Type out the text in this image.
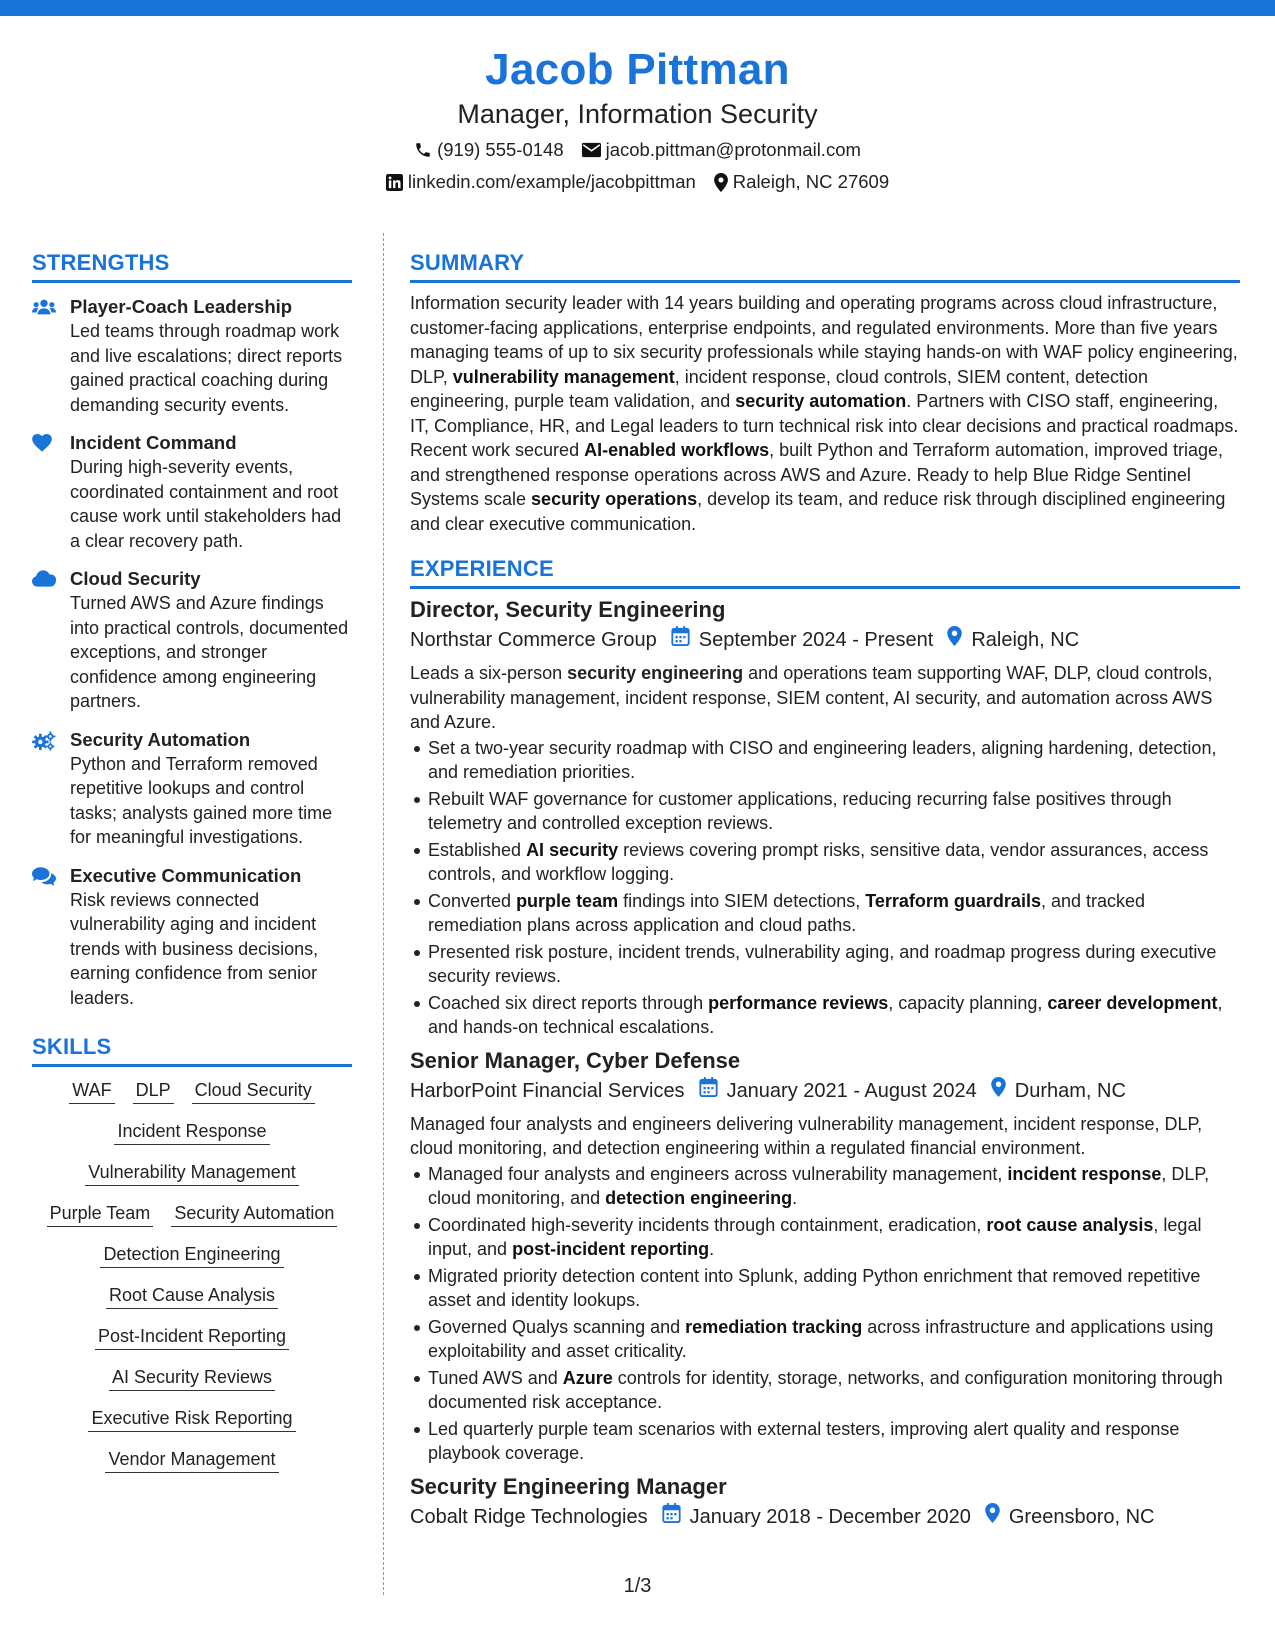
Jacob Pittman
Manager, Information Security
(919) 555-0148 jacob.pittman@protonmail.com
linkedin.com/example/jacobpittman Raleigh, NC 27609
STRENGTHS
Player-Coach Leadership
Led teams through roadmap work and live escalations; direct reports gained practical coaching during demanding security events.
Incident Command
During high-severity events, coordinated containment and root cause work until stakeholders had a clear recovery path.
Cloud Security
Turned AWS and Azure findings into practical controls, documented exceptions, and stronger confidence among engineering partners.
Security Automation
Python and Terraform removed repetitive lookups and control tasks; analysts gained more time for meaningful investigations.
Executive Communication
Risk reviews connected vulnerability aging and incident trends with business decisions, earning confidence from senior leaders.
SKILLS
WAF DLP Cloud Security
Incident Response
Vulnerability Management
Purple Team Security Automation
Detection Engineering
Root Cause Analysis
Post-Incident Reporting
AI Security Reviews
Executive Risk Reporting
Vendor Management
SUMMARY
Information security leader with 14 years building and operating programs across cloud infrastructure, customer-facing applications, enterprise endpoints, and regulated environments. More than five years managing teams of up to six security professionals while staying hands-on with WAF policy engineering, DLP, vulnerability management, incident response, cloud controls, SIEM content, detection engineering, purple team validation, and security automation. Partners with CISO staff, engineering, IT, Compliance, HR, and Legal leaders to turn technical risk into clear decisions and practical roadmaps. Recent work secured AI-enabled workflows, built Python and Terraform automation, improved triage, and strengthened response operations across AWS and Azure. Ready to help Blue Ridge Sentinel Systems scale security operations, develop its team, and reduce risk through disciplined engineering and clear executive communication.
EXPERIENCE
Director, Security Engineering
Northstar Commerce Group September 2024 - Present Raleigh, NC
Leads a six-person security engineering and operations team supporting WAF, DLP, cloud controls, vulnerability management, incident response, SIEM content, AI security, and automation across AWS and Azure.
Set a two-year security roadmap with CISO and engineering leaders, aligning hardening, detection, and remediation priorities.
Rebuilt WAF governance for customer applications, reducing recurring false positives through telemetry and controlled exception reviews.
Established AI security reviews covering prompt risks, sensitive data, vendor assurances, access controls, and workflow logging.
Converted purple team findings into SIEM detections, Terraform guardrails, and tracked remediation plans across application and cloud paths.
Presented risk posture, incident trends, vulnerability aging, and roadmap progress during executive security reviews.
Coached six direct reports through performance reviews, capacity planning, career development, and hands-on technical escalations.
Senior Manager, Cyber Defense
HarborPoint Financial Services January 2021 - August 2024 Durham, NC
Managed four analysts and engineers delivering vulnerability management, incident response, DLP, cloud monitoring, and detection engineering within a regulated financial environment.
Managed four analysts and engineers across vulnerability management, incident response, DLP, cloud monitoring, and detection engineering.
Coordinated high-severity incidents through containment, eradication, root cause analysis, legal input, and post-incident reporting.
Migrated priority detection content into Splunk, adding Python enrichment that removed repetitive asset and identity lookups.
Governed Qualys scanning and remediation tracking across infrastructure and applications using exploitability and asset criticality.
Tuned AWS and Azure controls for identity, storage, networks, and configuration monitoring through documented risk acceptance.
Led quarterly purple team scenarios with external testers, improving alert quality and response playbook coverage.
Security Engineering Manager
Cobalt Ridge Technologies January 2018 - December 2020 Greensboro, NC
1/3
